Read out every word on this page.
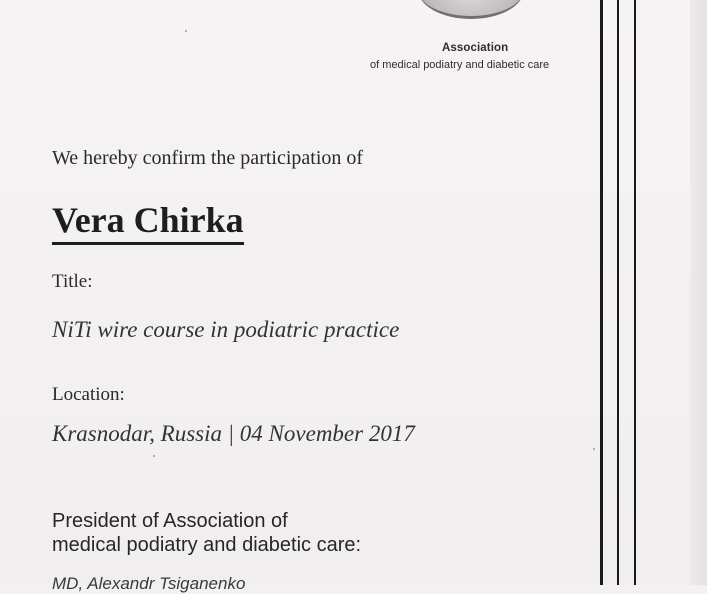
Association
of medical podiatry and diabetic care
We hereby confirm the participation of
Vera Chirka
Title:
NiTi wire course in podiatric practice
Location:
Krasnodar, Russia | 04 November 2017
President of Association of
medical podiatry and diabetic care:
MD, Alexandr Tsiganenko
